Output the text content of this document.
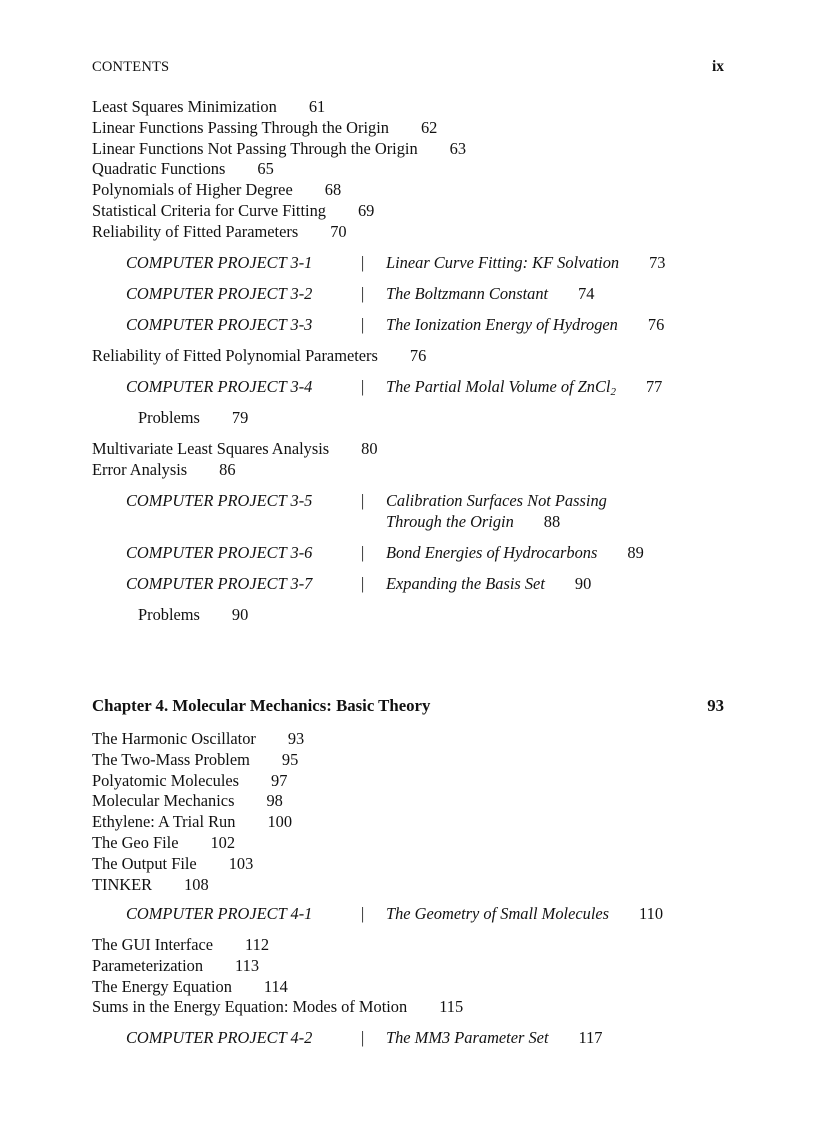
CONTENTS	ix
Least Squares Minimization 61
Linear Functions Passing Through the Origin 62
Linear Functions Not Passing Through the Origin 63
Quadratic Functions 65
Polynomials of Higher Degree 68
Statistical Criteria for Curve Fitting 69
Reliability of Fitted Parameters 70
COMPUTER PROJECT 3-1	| Linear Curve Fitting: KF Solvation 73
COMPUTER PROJECT 3-2	| The Boltzmann Constant 74
COMPUTER PROJECT 3-3	| The Ionization Energy of Hydrogen 76
Reliability of Fitted Polynomial Parameters 76
COMPUTER PROJECT 3-4	| The Partial Molal Volume of ZnCl$_2$ 77
Problems 79
Multivariate Least Squares Analysis 80
Error Analysis 86
COMPUTER PROJECT 3-5	| Calibration Surfaces Not Passing
Through the Origin 88
COMPUTER PROJECT 3-6	| Bond Energies of Hydrocarbons 89
COMPUTER PROJECT 3-7	| Expanding the Basis Set 90
Problems 90
Chapter 4. Molecular Mechanics: Basic Theory	93
The Harmonic Oscillator 93
The Two-Mass Problem 95
Polyatomic Molecules 97
Molecular Mechanics 98
Ethylene: A Trial Run 100
The Geo File 102
The Output File 103
TINKER 108
COMPUTER PROJECT 4-1	| The Geometry of Small Molecules 110
The GUI Interface 112
Parameterization 113
The Energy Equation 114
Sums in the Energy Equation: Modes of Motion 115
COMPUTER PROJECT 4-2	| The MM3 Parameter Set 117
